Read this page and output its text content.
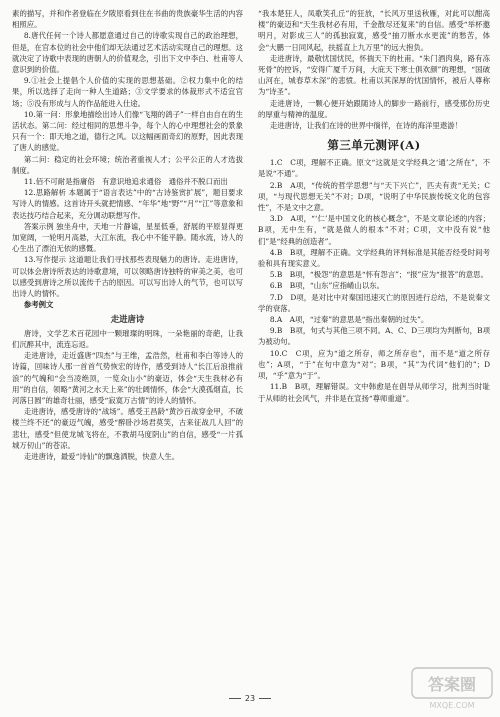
素的描写，并和作者登临在夕陂原看到住在书曲的贵族豪华生活的内容相照应。

8.唐代任何一个诗人都愿意通过自己的诗歌实现自己的政治理想，但是，在官本位的社会中他们却无法通过艺术活动实现自己的理想。这就决定了诗歌中表现的唐朝人的价值观念，引出下文中李白、杜甫等人意识到的价值。

9.①社会上提倡个人价值的实现的思想基础。②权力集中化的结果，所以选择了走向一种人生道路；③文学要求的体裁形式不适宜官场；⑤没有形成与人的作品能进入仕途。

10.第一问：形象地描绘出诗人们像“飞翔的鸽子”一样自由自在的生活状态。第二问：经过相同的思想斗争，每个人的心中理想社会的景象只有一个：即天地之道，德行之风。以这幅画面奇幻的原野，因此表现了唐人的感觉。

第二问：稳定的社会环境；统治者重视人才；公平公正的人才选拔制度。

11.佰不可耐是指庸俗　有意识地追求通俗　通俗并不脱口而出

12.思路解析 本题属于“语言表达”中的“古诗鉴赏扩展”，题目要求写诗人的情感。这首诗开头就把情感、“年华”地“野”“月”“江”等意象和表达技巧结合起来，充分调动联想写作。

答案示例 独坐舟中，天地一片静谧，星星低垂，舒展的平原显得更加宽阔，一轮明月高悬，大江东流，我心中不能平静。随水流，诗人的心生出了漂泊无依的感慨。

13.写作提示 这道题让我们寻找那些表现魅力的唐诗。走进唐诗，可以体会唐诗所表达的诗歌意境，可以领略唐诗独特的审美之美，也可以感受到唐诗之所以流传千古的原因。可以写出诗人的气节，也可以写出诗人的情怀。

参考例文

走进唐诗

唐诗，文学艺术百花园中一颗璀璨的明珠，一朵艳丽的奇葩，让我们沉醉其中，流连忘返。

走进唐诗，走近盛唐“四杰”与王维，孟浩然，杜甫和李白等诗人的诗篇，回味诗人那一首首气势恢宏的诗作，感受到诗人“长江后浪推前浪”的气魄和“会当凌绝顶，一览众山小”的豪迈，体会“天生我材必有用”的自信，领略“黄河之水天上来”的壮阔情怀，体会“大漠孤烟直，长河落日圆”的雄奇壮丽，感受“寂寞万古情”的诗人的情怀。

走进唐诗，感受唐诗的“战场”。感受王昌龄“黄沙百战穿金甲，不破楼兰终不还”的豪迈气魄，感受“醉卧沙场君莫笑，古来征战几人回”的悲壮，感受“但使龙城飞将在，不教胡马度阴山”的自信，感受“一片孤城万仞山”的苍凉。

走进唐诗，最爱“诗仙”的飘逸洒脱，快意人生。

“我本楚狂人，凤歌笑孔丘”的狂放，“长风万里送秋雁，对此可以酣高楼”的豪迈和“天生我材必有用，千金散尽还复来”的自信。感受“举杯邀明月，对影成三人”的孤独寂寞，感受“抽刀断水水更流”的愁苦，体会“大鹏一日同风起，扶摇直上九万里”的远大抱负。

走进唐诗，最敬忧国忧民，怀揣天下的杜甫。“朱门酒肉臭，路有冻死骨”的控诉，“安得广厦千万间，大庇天下寒士俱欢颜”的理想，“国破山河在，城春草木深”的悲愤。杜甫以其深厚的忧国情怀，被后人尊称为“诗圣”。

走进唐诗，一颗心便开始跟随诗人的脚步一路前行，感受那份历史的厚重与精神的温度。

走进唐诗，让我们在诗的世界中徜徉，在诗的海洋里遨游！

第三单元测评(A)

1.C　C项，理解不正确。原文“这就是文学经典之‘通’之所在”，不是说“不通”。

2.B　A项，“传统的哲学思想”与“天下兴亡”，匹夫有责“无关；C项，“与现代思想无关”不对；D项，“说明了中华民族传统文化的包容性”，不是文中之意。

3.D　A项，“‘仁’是中国文化的核心概念”，不是文章论述的内容；B项，无中生有，“就是做人的根本”不对；C项，文中没有说“他们”是“经典的创造者”。

4.B　B项，理解不正确。文学经典的评判标准是其能否经受时间考验和具有现实意义。

5.B　B项，“极怨”的意思是“怀有怨言”；“报”应为“报答”的意思。

6.B　B项，“山东”应指崤山以东。

7.D　D项，是对比中对秦国迅速灭亡的原因进行总结，不是说秦文学的衰落。

8.A　A项，“过秦”的意思是“指出秦朝的过失”。

9.B　B项，句式与其他三项不同。A、C、D三项均为判断句，B项为被动句。

10.C　C项，应为“道之所存，师之所存也”，而不是“道之所存也”；A项，“于”在句中意为“对”；B项，“其”为代词“他们的”；D项，“乎”意为“于”。

11.B　B项，理解错误。文中韩愈是在倡导从师学习，批判当时耻于从师的社会风气，并非是在宣扬“尊师重道”。

23
答案圈
MXQE.COM
